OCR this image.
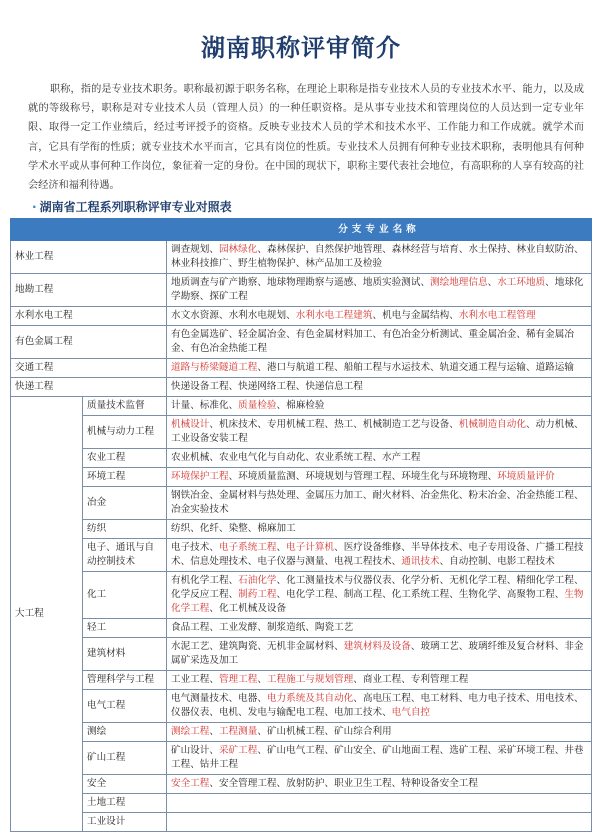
湖南职称评审简介
职称，指的是专业技术职务。职称最初源于职务名称，在理论上职称是指专业技术人员的专业技术水平、能力，以及成就的等级称号，职称是对专业技术人员（管理人员）的一种任职资格。是从事专业技术和管理岗位的人员达到一定专业年限、取得一定工作业绩后，经过考评授予的资格。反映专业技术人员的学术和技术水平、工作能力和工作成就。就学术而言，它具有学衔的性质；就专业技术水平而言，它具有岗位的性质。专业技术人员拥有何种专业技术职称，表明他具有何种学术水平或从事何种工作岗位，象征着一定的身份。在中国的现状下，职称主要代表社会地位，有高职称的人享有较高的社会经济和福利待遇。
· 湖南省工程系列职称评审专业对照表
		分支专业名称
林业工程		调查规划、园林绿化、森林保护、自然保护地管理、森林经营与培育、水土保持、林业自蚁防治、林业科技推广、野生植物保护、林产品加工及检验
地勘工程		地质调查与矿产勘察、地球物理勘察与遥感、地质实验测试、测绘地理信息、水工环地质、地球化学勘察、探矿工程
水利水电工程		水文水资源、水利水电规划、水利水电工程建筑、机电与金属结构、水利水电工程管理
有色金属工程		有色金属选矿、轻金属冶金、有色金属材料加工、有色冶金分析测试、重金属冶金、稀有金属冶金、有色冶金热能工程
交通工程		道路与桥梁隧道工程、港口与航道工程、船舶工程与水运技术、轨道交通工程与运输、道路运输
快递工程		快递设备工程、快递网络工程、快递信息工程
大工程	质量技术监督	计量、标准化、质量检验、棉麻检验
	机械与动力工程	机械设计、机床技术、专用机械工程、热工、机械制造工艺与设备、机械制造自动化、动力机械、工业设备安装工程
	农业工程	农业机械、农业电气化与自动化、农业系统工程、水产工程
	环境工程	环境保护工程、环境质量监测、环境规划与管理工程、环境生化与环境物理、环境质量评价
	冶金	钢铁冶金、金属材料与热处理、金属压力加工、耐火材料、冶金焦化、粉末冶金、冶金热能工程、冶金实验技术
	纺织	纺织、化纤、染整、棉麻加工
	电子、通讯与自动控制技术	电子技术、电子系统工程、电子计算机、医疗设备维修、半导体技术、电子专用设备、广播工程技术、信息处理技术、电子仪器与测量、电视工程技术、通讯技术、自动控制、电影工程技术
	化工	有机化学工程、石油化学、化工测量技术与仪器仪表、化学分析、无机化学工程、精细化学工程、化学反应工程、制药工程、电化学工程、制高工程、化工系统工程、生物化学、高聚物工程、生物化学工程、化工机械及设备
	轻工	食品工程、工业发酵、制浆造纸、陶瓷工艺
	建筑材料	水泥工艺、建筑陶瓷、无机非金属材料、建筑材料及设备、玻璃工艺、玻璃纤维及复合材料、非金属矿采选及加工
	管理科学与工程	工业工程、管理工程、工程施工与规划管理、商业工程、专利管理工程
	电气工程	电气测量技术、电器、电力系统及其自动化、高电压工程、电工材料、电力电子技术、用电技术、仪器仪表、电机、发电与输配电工程、电加工技术、电气自控
	测绘	测绘工程、工程测量、矿山机械工程、矿山综合利用
	矿山工程	矿山设计、采矿工程、矿山电气工程、矿山安全、矿山地面工程、选矿工程、采矿环境工程、井巷工程、钻井工程
	安全	安全工程、安全管理工程、放射防护、职业卫生工程、特种设备安全工程
	土地工程	
	工业设计	
